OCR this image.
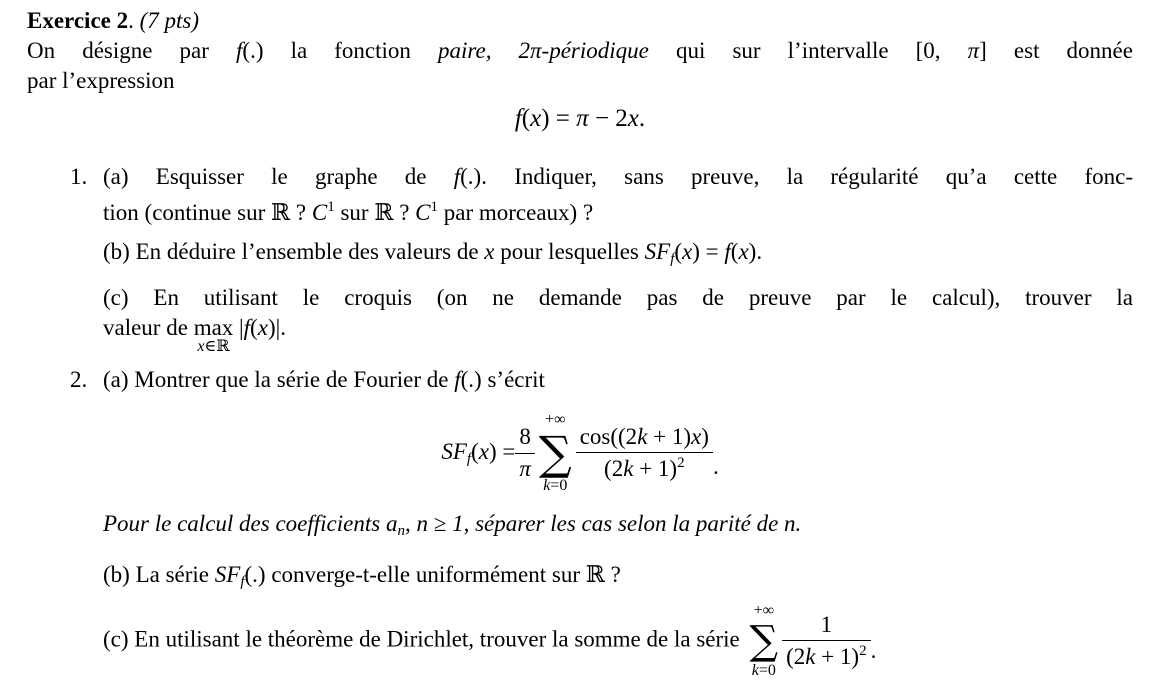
Exercice 2. (7 pts)
On désigne par f(.) la fonction paire, 2π-périodique qui sur l’intervalle [0, π] est donnée
par l’expression
f(x) = π − 2x.
1. (a) Esquisser le graphe de f(.). Indiquer, sans preuve, la régularité qu’a cette fonc-
tion (continue sur ℝ ? $C^1$ sur ℝ ? $C^1$ par morceaux) ?
(b) En déduire l’ensemble des valeurs de x pour lesquelles $SF_f(x) = f(x)$.
(c) En utilisant le croquis (on ne demande pas de preuve par le calcul), trouver la
valeur de max
x∈ℝ
|f(x)|.
2. (a) Montrer que la série de Fourier de f(.) s’écrit
$SF_f(x) = \frac{8}{\pi}$
+∞
∑
k=0
$\frac{\cos((2k + 1)x)}{(2k + 1)^2}$ .
Pour le calcul des coefficients $a_n$, n ≥ 1, séparer les cas selon la parité de n.
(b) La série $SF_f(.)$ converge-t-elle uniformément sur ℝ ?
(c) En utilisant le théorème de Dirichlet, trouver la somme de la série
+∞
∑
k=0
$\frac{1}{(2k + 1)^2}$ .
